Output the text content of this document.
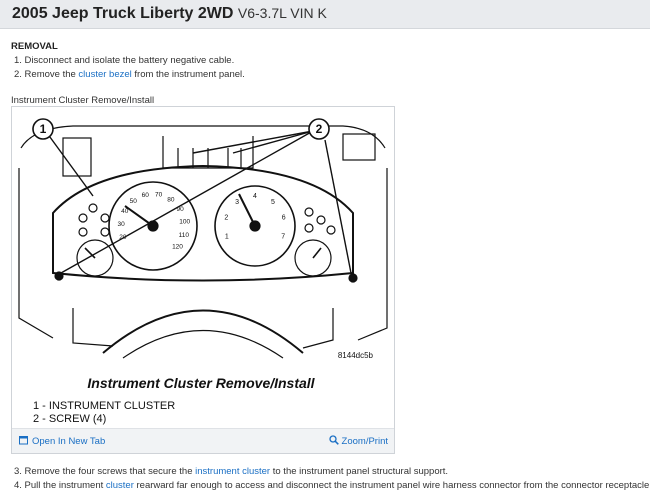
2005 Jeep Truck Liberty 2WD V6-3.7L VIN K
REMOVAL
1. Disconnect and isolate the battery negative cable.
2. Remove the cluster bezel from the instrument panel.
Instrument Cluster Remove/Install
1	2
20
30
40
50
60 70
80
90
100
110
120
1
2
3
4
5
6
7
8144dc5b
Instrument Cluster Remove/Install
1 - INSTRUMENT CLUSTER
2 - SCREW (4)
Open In New Tab	Zoom/Print
3. Remove the four screws that secure the instrument cluster to the instrument panel structural support.
4. Pull the instrument cluster rearward far enough to access and disconnect the instrument panel wire harness connector from the connector receptacle
